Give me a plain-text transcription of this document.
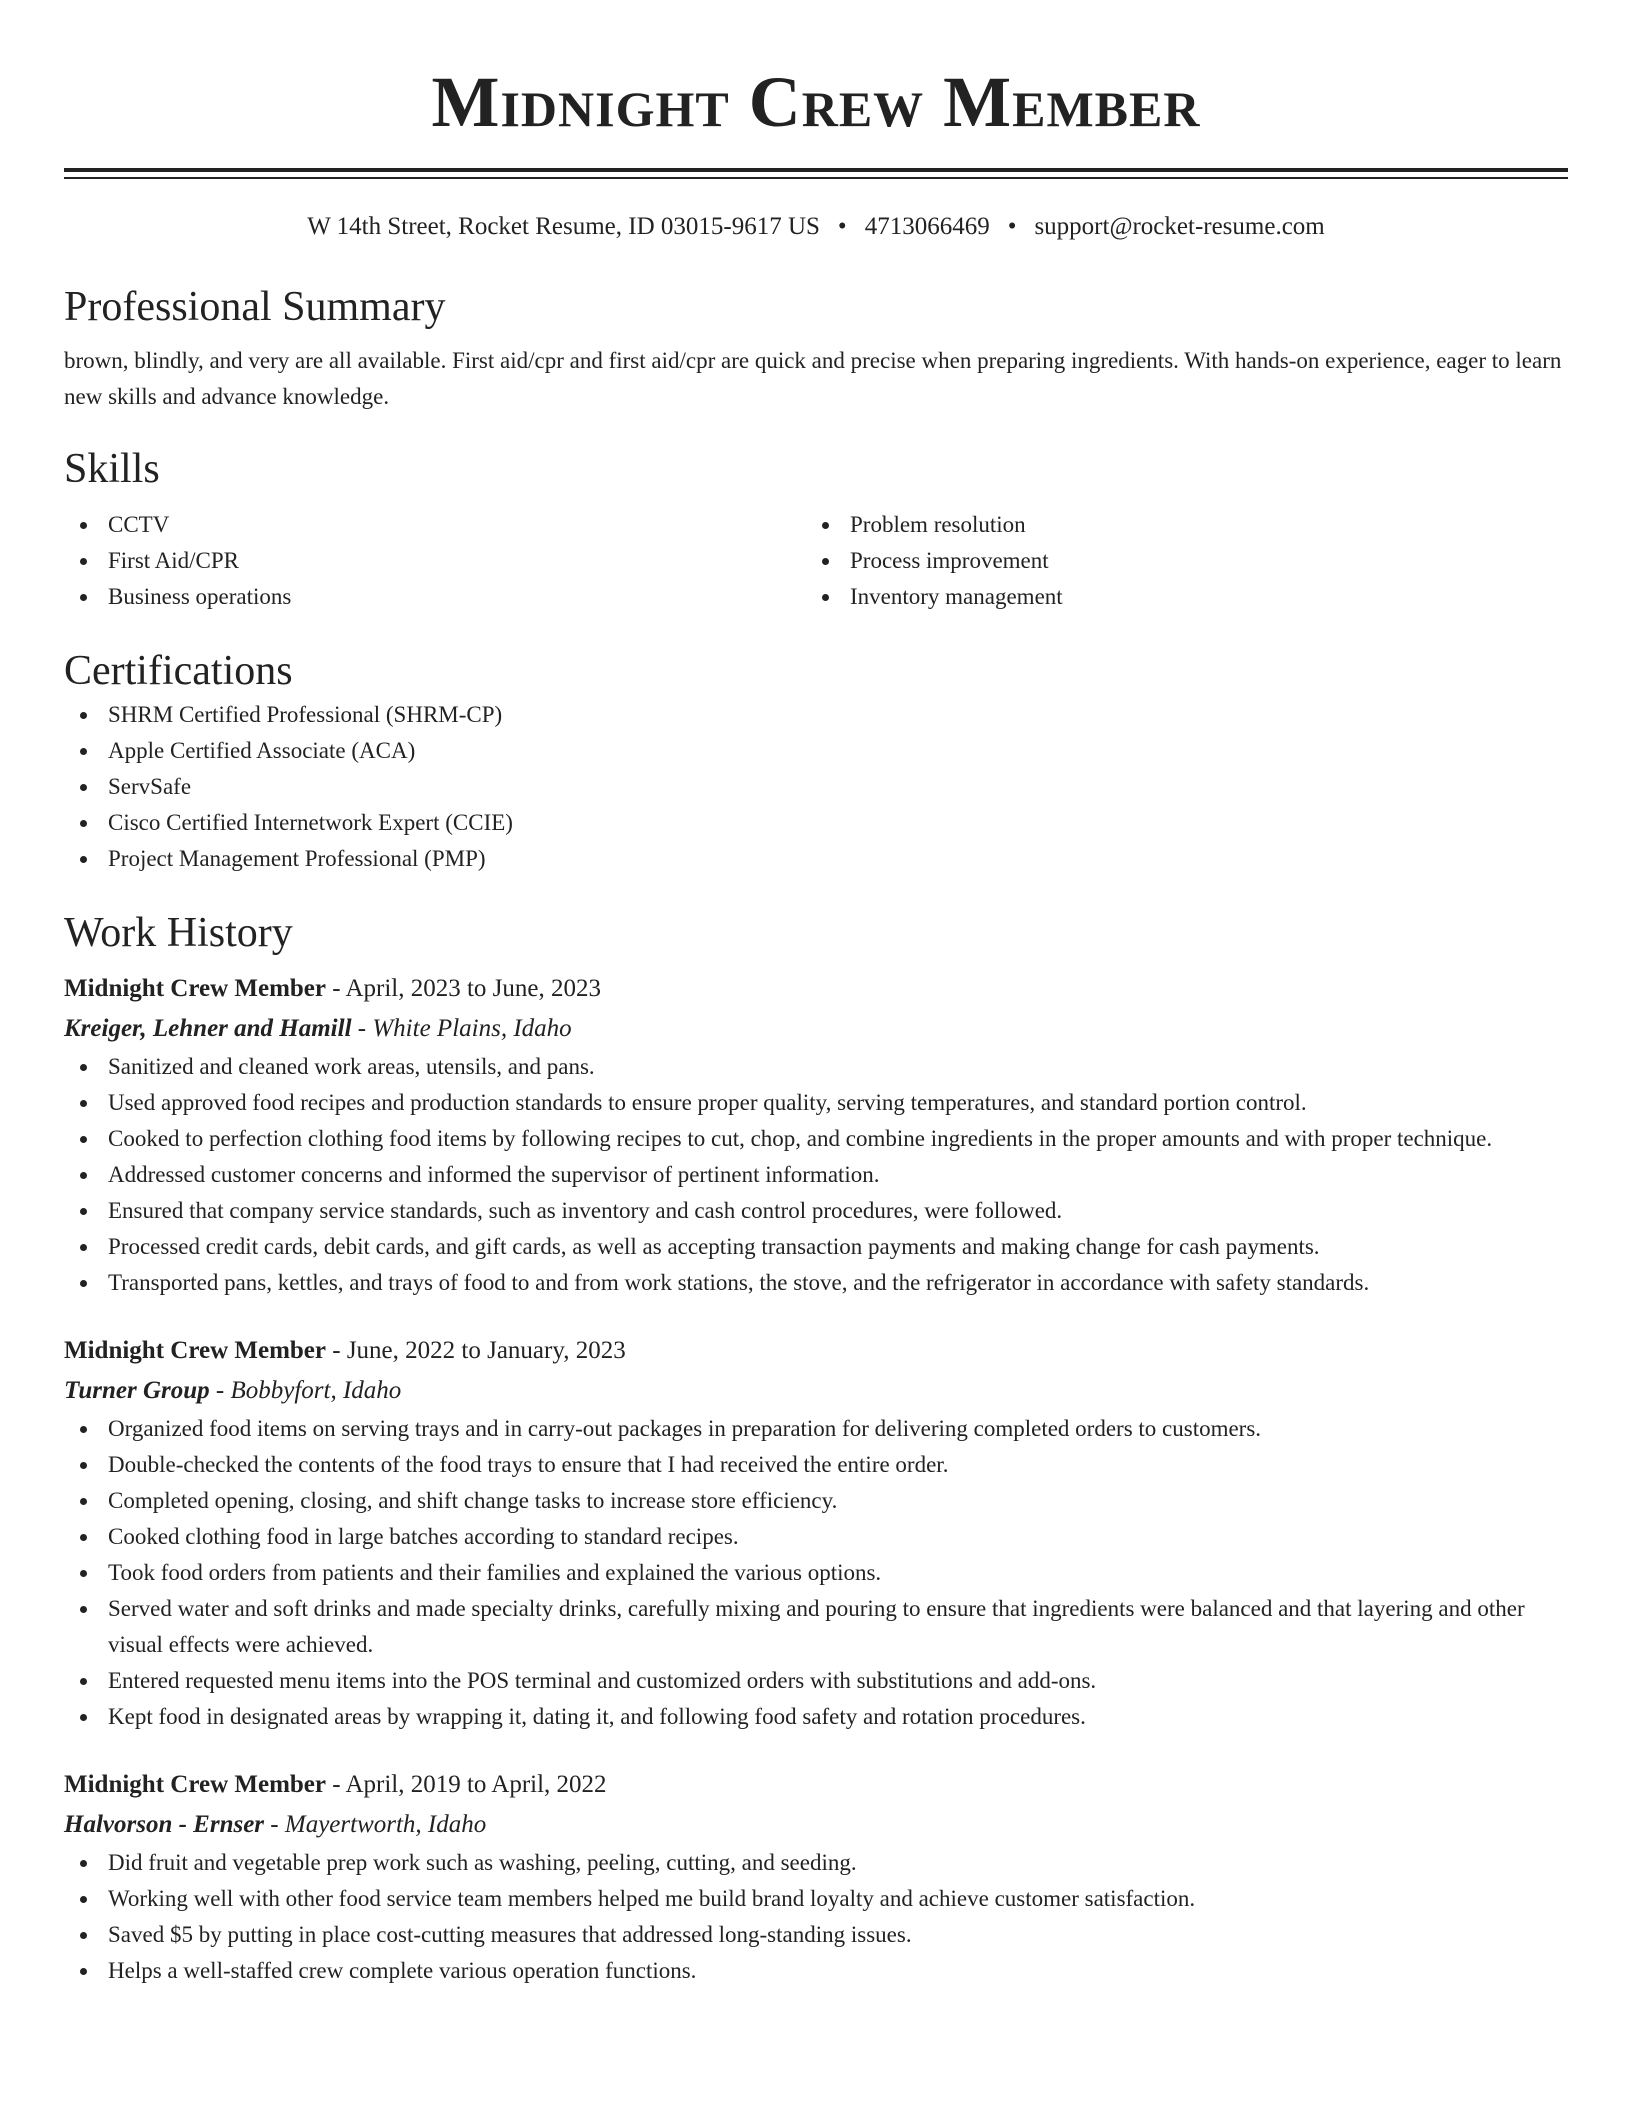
Midnight Crew Member
W 14th Street, Rocket Resume, ID 03015-9617 US • 4713066469 • support@rocket-resume.com
Professional Summary

brown, blindly, and very are all available. First aid/cpr and first aid/cpr are quick and precise when preparing ingredients. With hands-on experience, eager to learn new skills and advance knowledge.

Skills
CCTV
First Aid/CPR
Business operations
Problem resolution
Process improvement
Inventory management
Certifications
SHRM Certified Professional (SHRM-CP)
Apple Certified Associate (ACA)
ServSafe
Cisco Certified Internetwork Expert (CCIE)
Project Management Professional (PMP)
Work History
Midnight Crew Member - April, 2023 to June, 2023
Kreiger, Lehner and Hamill - White Plains, Idaho
Sanitized and cleaned work areas, utensils, and pans.
Used approved food recipes and production standards to ensure proper quality, serving temperatures, and standard portion control.
Cooked to perfection clothing food items by following recipes to cut, chop, and combine ingredients in the proper amounts and with proper technique.
Addressed customer concerns and informed the supervisor of pertinent information.
Ensured that company service standards, such as inventory and cash control procedures, were followed.
Processed credit cards, debit cards, and gift cards, as well as accepting transaction payments and making change for cash payments.
Transported pans, kettles, and trays of food to and from work stations, the stove, and the refrigerator in accordance with safety standards.
Midnight Crew Member - June, 2022 to January, 2023
Turner Group - Bobbyfort, Idaho
Organized food items on serving trays and in carry-out packages in preparation for delivering completed orders to customers.
Double-checked the contents of the food trays to ensure that I had received the entire order.
Completed opening, closing, and shift change tasks to increase store efficiency.
Cooked clothing food in large batches according to standard recipes.
Took food orders from patients and their families and explained the various options.
Served water and soft drinks and made specialty drinks, carefully mixing and pouring to ensure that ingredients were balanced and that layering and other visual effects were achieved.
Entered requested menu items into the POS terminal and customized orders with substitutions and add-ons.
Kept food in designated areas by wrapping it, dating it, and following food safety and rotation procedures.
Midnight Crew Member - April, 2019 to April, 2022
Halvorson - Ernser - Mayertworth, Idaho
Did fruit and vegetable prep work such as washing, peeling, cutting, and seeding.
Working well with other food service team members helped me build brand loyalty and achieve customer satisfaction.
Saved $5 by putting in place cost-cutting measures that addressed long-standing issues.
Helps a well-staffed crew complete various operation functions.
